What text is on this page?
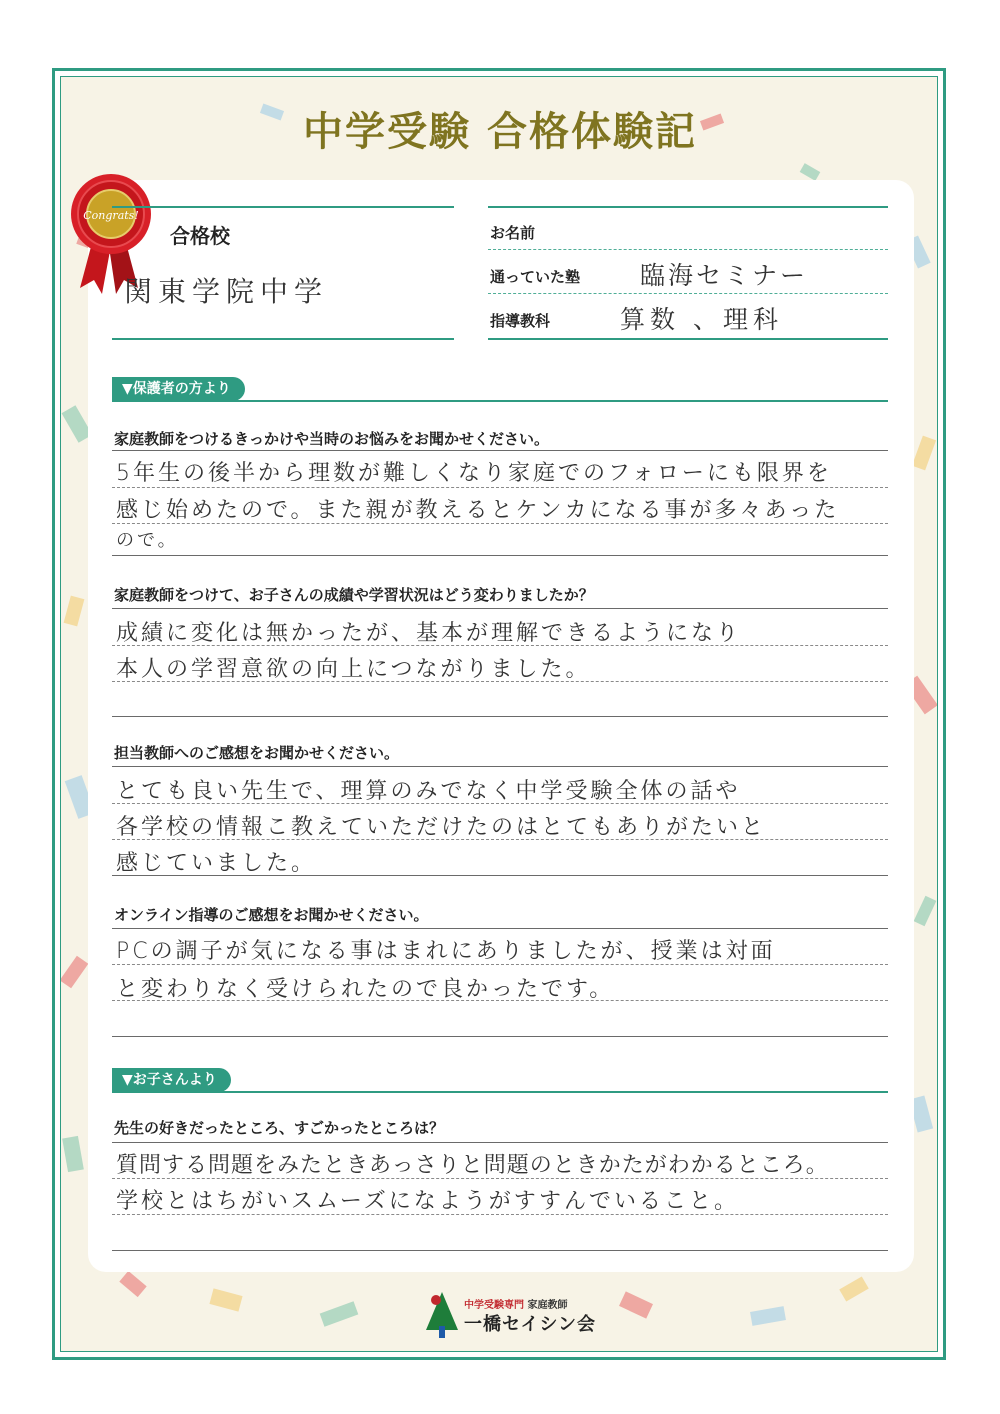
中学受験 合格体験記
Congrats!
合格校
関東学院中学
お名前
通っていた塾 臨海セミナー
指導教科	算数 、理科
▼保護者の方より
家庭教師をつけるきっかけや当時のお悩みをお聞かせください。
5年生の後半から理数が難しくなり家庭でのフォローにも限界を
感じ始めたので。また親が教えるとケンカになる事が多々あった
ので。
家庭教師をつけて、お子さんの成績や学習状況はどう変わりましたか？
成績に変化は無かったが、基本が理解できるようになり
本人の学習意欲の向上につながりました。
担当教師へのご感想をお聞かせください。
とても良い先生で、理算のみでなく中学受験全体の話や
各学校の情報こ教えていただけたのはとてもありがたいと
感じていました。
オンライン指導のご感想をお聞かせください。
PCの調子が気になる事はまれにありましたが、授業は対面
と変わりなく受けられたので良かったです。
▼お子さんより
先生の好きだったところ、すごかったところは？
質問する問題をみたときあっさりと問題のときかたがわかるところ。
学校とはちがいスムーズになようがすすんでいること。
中学受験専門 家庭教師
一橋セイシン会
